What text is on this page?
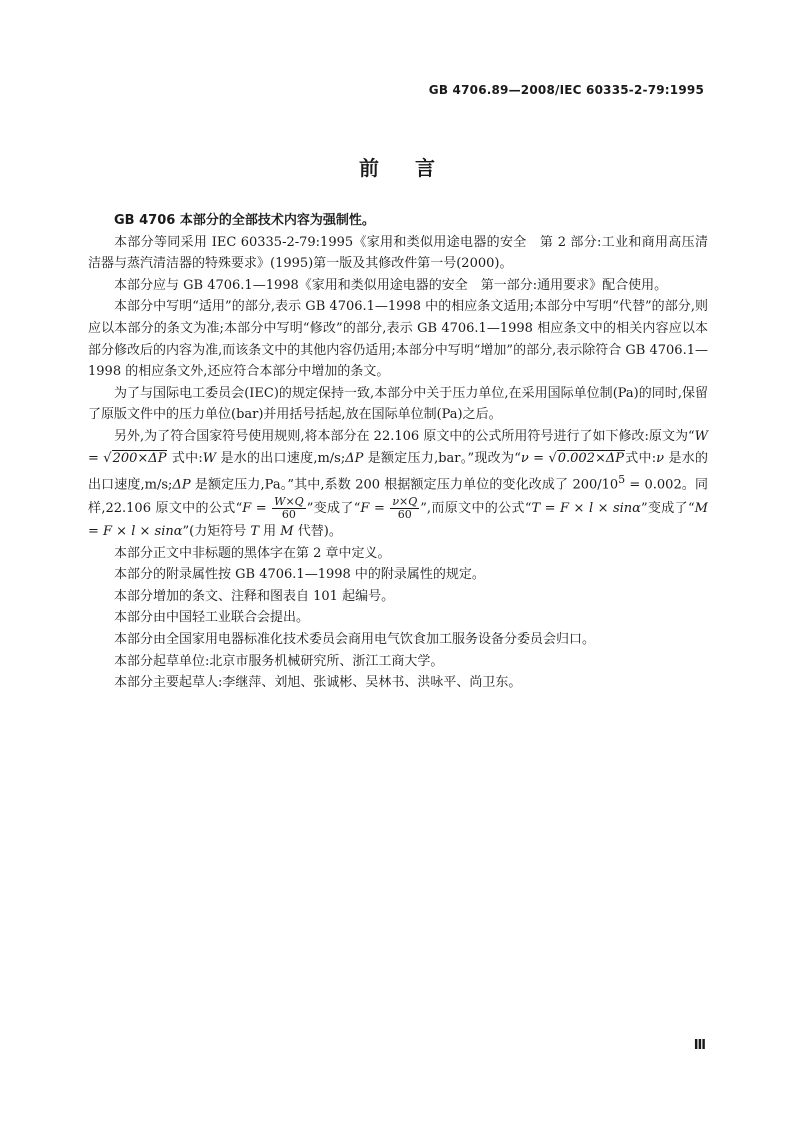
GB 4706.89—2008/IEC 60335-2-79:1995
前言

GB 4706 本部分的全部技术内容为强制性。

本部分等同采用 IEC 60335-2-79:1995《家用和类似用途电器的安全　第 2 部分:工业和商用高压清洁器与蒸汽清洁器的特殊要求》(1995)第一版及其修改件第一号(2000)。

本部分应与 GB 4706.1—1998《家用和类似用途电器的安全　第一部分:通用要求》配合使用。

本部分中写明“适用”的部分,表示 GB 4706.1—1998 中的相应条文适用;本部分中写明“代替”的部分,则应以本部分的条文为准;本部分中写明“修改”的部分,表示 GB 4706.1—1998 相应条文中的相关内容应以本部分修改后的内容为准,而该条文中的其他内容仍适用;本部分中写明“增加”的部分,表示除符合 GB 4706.1—1998 的相应条文外,还应符合本部分中增加的条文。

为了与国际电工委员会(IEC)的规定保持一致,本部分中关于压力单位,在采用国际单位制(Pa)的同时,保留了原版文件中的压力单位(bar)并用括号括起,放在国际单位制(Pa)之后。

另外,为了符合国家符号使用规则,将本部分在 22.106 原文中的公式所用符号进行了如下修改:原文为“W = √200×ΔP 式中:W 是水的出口速度,m/s;ΔP 是额定压力,bar。”现改为“ν = √0.002×ΔP式中:ν 是水的出口速度,m/s;ΔP 是额定压力,Pa。”其中,系数 200 根据额定压力单位的变化改成了 $200/10^5 = 0.002$。同样,22.106 原文中的公式“$F = \frac{W\times Q}{60}$ ”变成了“$F = \frac{\nu\times Q}{60}$ ”,而原文中的公式“T = F × l × sinα”变成了“M = F × l × sinα”(力矩符号 T 用 M 代替)。

本部分正文中非标题的黑体字在第 2 章中定义。

本部分的附录属性按 GB 4706.1—1998 中的附录属性的规定。

本部分增加的条文、注释和图表自 101 起编号。

本部分由中国轻工业联合会提出。

本部分由全国家用电器标准化技术委员会商用电气饮食加工服务设备分委员会归口。

本部分起草单位:北京市服务机械研究所、浙江工商大学。

本部分主要起草人:李继萍、刘旭、张诚彬、吴林书、洪咏平、尚卫东。

Ⅲ
